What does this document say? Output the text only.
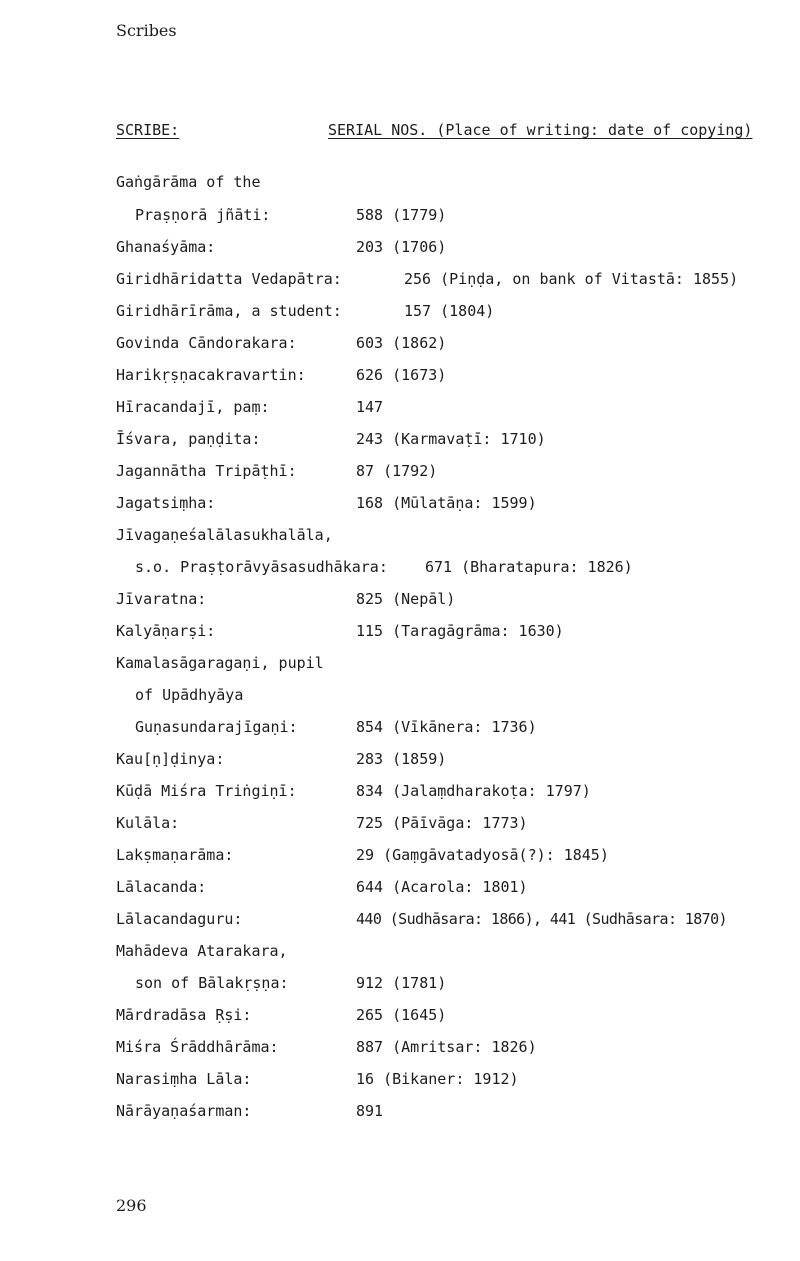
Scribes
SCRIBE:	SERIAL NOS. (Place of writing: date of copying)
Gaṅgārāma of the
Praṣṇorā jñāti:	588 (1779)
Ghanaśyāma:	203 (1706)
Giridhāridatta Vedapātra:	256 (Piṇḍa, on bank of Vitastā: 1855)
Giridhārīrāma, a student:	157 (1804)
Govinda Cāndorakara:	603 (1862)
Harikṛṣṇacakravartin:	626 (1673)
Hīracandajī, paṃ:	147
Īśvara, paṇḍita:	243 (Karmavaṭī: 1710)
Jagannātha Tripāṭhī:	87 (1792)
Jagatsiṃha:	168 (Mūlatāṇa: 1599)
Jīvagaṇeśalālasukhalāla,
s.o. Praṣṭorāvyāsasudhākara: 671 (Bharatapura: 1826)
Jīvaratna:	825 (Nepāl)
Kalyāṇarṣi:	115 (Taragāgrāma: 1630)
Kamalasāgaragaṇi, pupil
of Upādhyāya
Guṇasundarajīgaṇi:	854 (Vīkānera: 1736)
Kau[ṇ]ḍinya:	283 (1859)
Kūḍā Miśra Triṅgiṇī:	834 (Jalaṃdharakoṭa: 1797)
Kulāla:	725 (Pāīvāga: 1773)
Lakṣmaṇarāma:	29 (Gaṃgāvatadyosā(?): 1845)
Lālacanda:	644 (Acarola: 1801)
Lālacandaguru:	440 (Sudhāsara: 1866), 441 (Sudhāsara: 1870)
Mahādeva Atarakara,
son of Bālakṛṣṇa:	912 (1781)
Mārdradāsa Ṛṣi:	265 (1645)
Miśra Śrāddhārāma:	887 (Amritsar: 1826)
Narasiṃha Lāla:	16 (Bikaner: 1912)
Nārāyaṇaśarman:	891
296
